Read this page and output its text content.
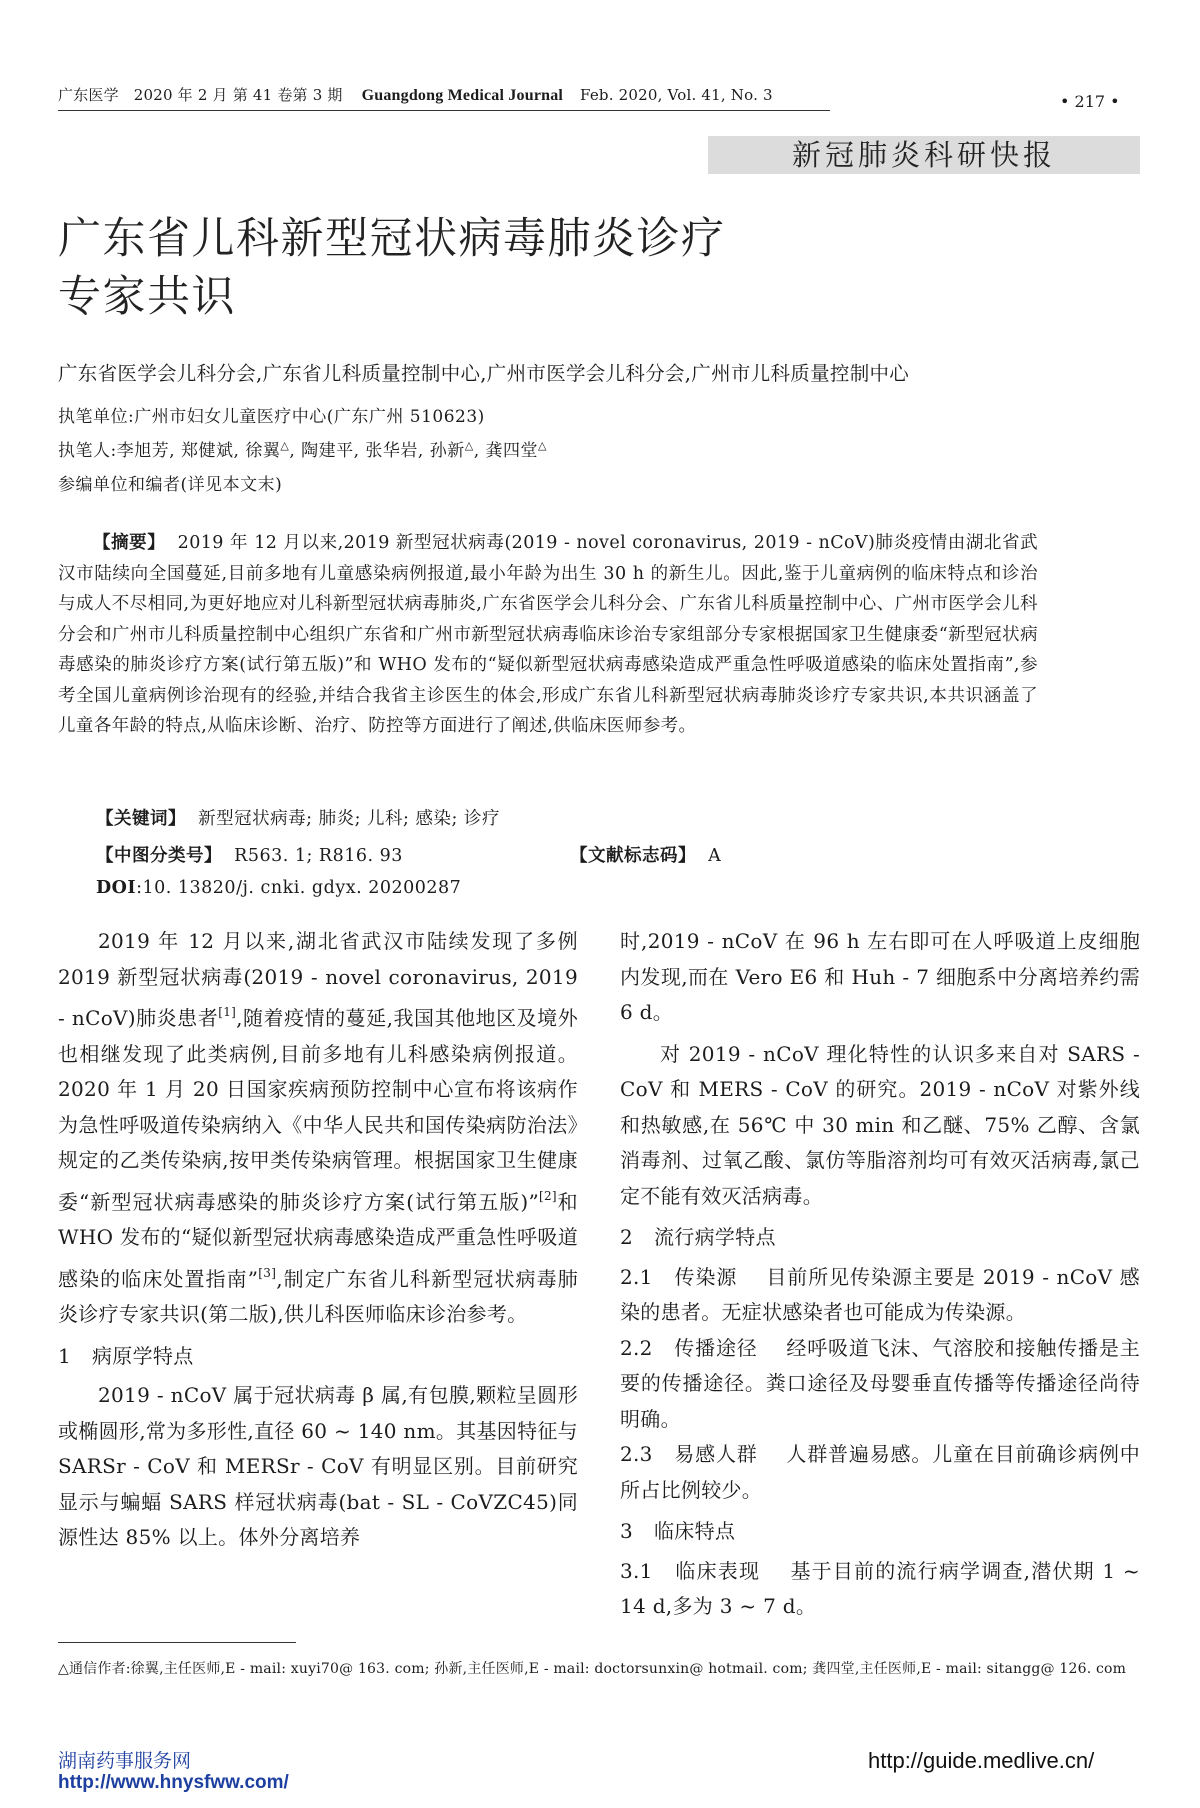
广东医学 2020 年 2 月 第 41 卷第 3 期 Guangdong Medical Journal Feb. 2020, Vol. 41, No. 3	• 217 •
新冠肺炎科研快报
广东省儿科新型冠状病毒肺炎诊疗
专家共识
广东省医学会儿科分会,广东省儿科质量控制中心,广州市医学会儿科分会,广州市儿科质量控制中心
执笔单位:广州市妇女儿童医疗中心(广东广州 510623)
执笔人:李旭芳, 郑健斌, 徐翼△, 陶建平, 张华岩, 孙新△, 龚四堂△
参编单位和编者(详见本文末)
【摘要】 2019 年 12 月以来,2019 新型冠状病毒(2019 - novel coronavirus, 2019 - nCoV)肺炎疫情由湖北省武汉市陆续向全国蔓延,目前多地有儿童感染病例报道,最小年龄为出生 30 h 的新生儿。因此,鉴于儿童病例的临床特点和诊治与成人不尽相同,为更好地应对儿科新型冠状病毒肺炎,广东省医学会儿科分会、广东省儿科质量控制中心、广州市医学会儿科分会和广州市儿科质量控制中心组织广东省和广州市新型冠状病毒临床诊治专家组部分专家根据国家卫生健康委“新型冠状病毒感染的肺炎诊疗方案(试行第五版)”和 WHO 发布的“疑似新型冠状病毒感染造成严重急性呼吸道感染的临床处置指南”,参考全国儿童病例诊治现有的经验,并结合我省主诊医生的体会,形成广东省儿科新型冠状病毒肺炎诊疗专家共识,本共识涵盖了儿童各年龄的特点,从临床诊断、治疗、防控等方面进行了阐述,供临床医师参考。
【关键词】 新型冠状病毒; 肺炎; 儿科; 感染; 诊疗
【中图分类号】 R563. 1; R816. 93	【文献标志码】 A
DOI:10. 13820/j. cnki. gdyx. 20200287

2019 年 12 月以来,湖北省武汉市陆续发现了多例 2019 新型冠状病毒(2019 - novel coronavirus, 2019 - nCoV)肺炎患者[1],随着疫情的蔓延,我国其他地区及境外也相继发现了此类病例,目前多地有儿科感染病例报道。2020 年 1 月 20 日国家疾病预防控制中心宣布将该病作为急性呼吸道传染病纳入《中华人民共和国传染病防治法》规定的乙类传染病,按甲类传染病管理。根据国家卫生健康委“新型冠状病毒感染的肺炎诊疗方案(试行第五版)”[2]和 WHO 发布的“疑似新型冠状病毒感染造成严重急性呼吸道感染的临床处置指南”[3],制定广东省儿科新型冠状病毒肺炎诊疗专家共识(第二版),供儿科医师临床诊治参考。

1 病原学特点

2019 - nCoV 属于冠状病毒 β 属,有包膜,颗粒呈圆形或椭圆形,常为多形性,直径 60 ~ 140 nm。其基因特征与 SARSr - CoV 和 MERSr - CoV 有明显区别。目前研究显示与蝙蝠 SARS 样冠状病毒(bat - SL - CoVZC45)同源性达 85% 以上。体外分离培养

时,2019 - nCoV 在 96 h 左右即可在人呼吸道上皮细胞内发现,而在 Vero E6 和 Huh - 7 细胞系中分离培养约需 6 d。

对 2019 - nCoV 理化特性的认识多来自对 SARS - CoV 和 MERS - CoV 的研究。2019 - nCoV 对紫外线和热敏感,在 56℃ 中 30 min 和乙醚、75% 乙醇、含氯消毒剂、过氧乙酸、氯仿等脂溶剂均可有效灭活病毒,氯己定不能有效灭活病毒。

2 流行病学特点

2.1 传染源 目前所见传染源主要是 2019 - nCoV 感染的患者。无症状感染者也可能成为传染源。

2.2 传播途径 经呼吸道飞沫、气溶胶和接触传播是主要的传播途径。粪口途径及母婴垂直传播等传播途径尚待明确。

2.3 易感人群 人群普遍易感。儿童在目前确诊病例中所占比例较少。

3 临床特点

3.1 临床表现 基于目前的流行病学调查,潜伏期 1 ~ 14 d,多为 3 ~ 7 d。

△通信作者:徐翼,主任医师,E - mail: xuyi70@ 163. com; 孙新,主任医师,E - mail: doctorsunxin@ hotmail. com; 龚四堂,主任医师,E - mail: sitangg@ 126. com
湖南药事服务网
http://www.hnysfww.com/
http://guide.medlive.cn/
